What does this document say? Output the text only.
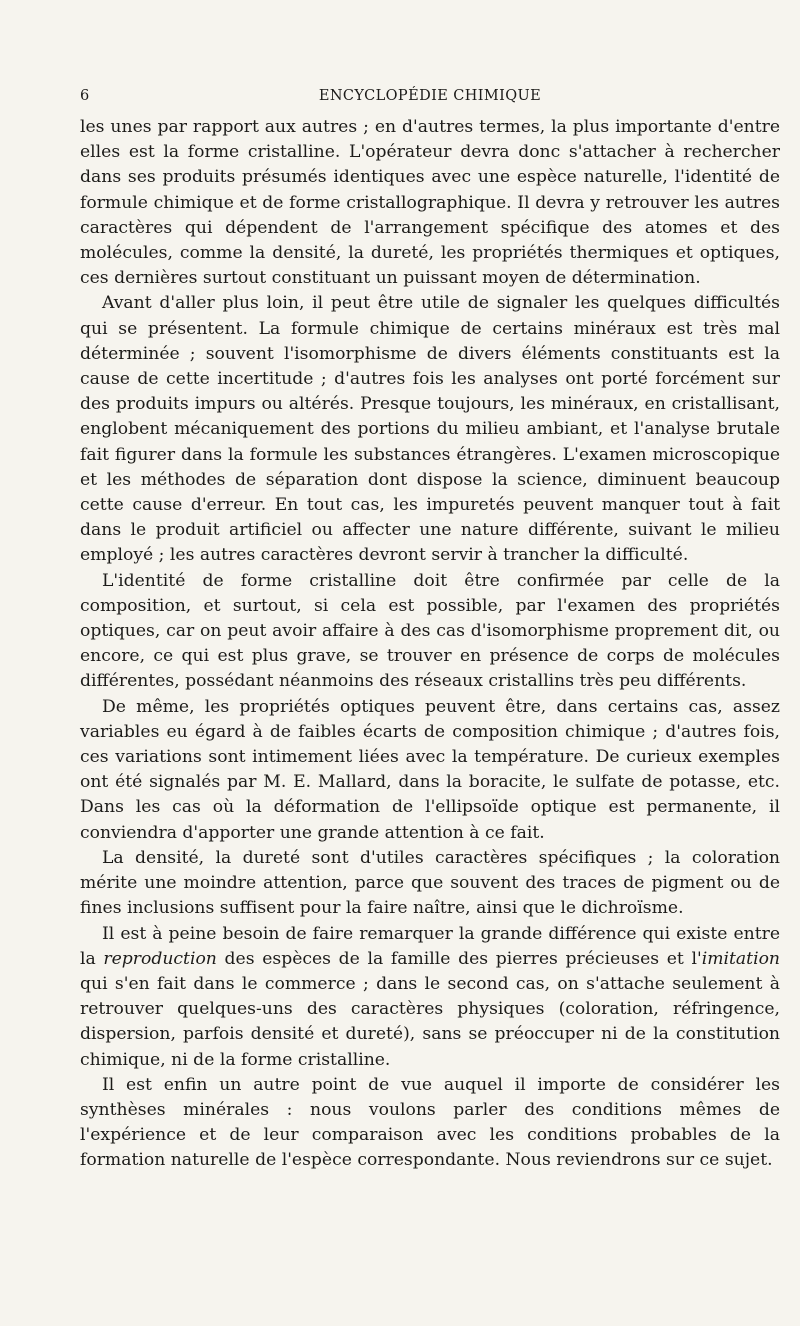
6	ENCYCLOPÉDIE CHIMIQUE

les unes par rapport aux autres ; en d'autres termes, la plus importante d'entre elles est la forme cristalline. L'opérateur devra donc s'attacher à rechercher dans ses produits présumés identiques avec une espèce naturelle, l'identité de formule chimique et de forme cristallographique. Il devra y retrouver les autres caractères qui dépendent de l'arrangement spécifique des atomes et des molécules, comme la densité, la dureté, les propriétés thermiques et optiques, ces dernières surtout constituant un puissant moyen de détermination.

Avant d'aller plus loin, il peut être utile de signaler les quelques difficultés qui se présentent. La formule chimique de certains minéraux est très mal déterminée ; souvent l'isomorphisme de divers éléments constituants est la cause de cette incertitude ; d'autres fois les analyses ont porté forcément sur des produits impurs ou altérés. Presque toujours, les minéraux, en cristallisant, englobent mécaniquement des portions du milieu ambiant, et l'analyse brutale fait figurer dans la formule les substances étrangères. L'examen microscopique et les méthodes de séparation dont dispose la science, diminuent beaucoup cette cause d'erreur. En tout cas, les impuretés peuvent manquer tout à fait dans le produit artificiel ou affecter une nature différente, suivant le milieu employé ; les autres caractères devront servir à trancher la difficulté.

L'identité de forme cristalline doit être confirmée par celle de la composition, et surtout, si cela est possible, par l'examen des propriétés optiques, car on peut avoir affaire à des cas d'isomorphisme proprement dit, ou encore, ce qui est plus grave, se trouver en présence de corps de molécules différentes, possédant néanmoins des réseaux cristallins très peu différents.

De même, les propriétés optiques peuvent être, dans certains cas, assez variables eu égard à de faibles écarts de composition chimique ; d'autres fois, ces variations sont intimement liées avec la température. De curieux exemples ont été signalés par M. E. Mallard, dans la boracite, le sulfate de potasse, etc. Dans les cas où la déformation de l'ellipsoïde optique est permanente, il conviendra d'apporter une grande attention à ce fait.

La densité, la dureté sont d'utiles caractères spécifiques ; la coloration mérite une moindre attention, parce que souvent des traces de pigment ou de fines inclusions suffisent pour la faire naître, ainsi que le dichroïsme.

Il est à peine besoin de faire remarquer la grande différence qui existe entre la reproduction des espèces de la famille des pierres précieuses et l'imitation qui s'en fait dans le commerce ; dans le second cas, on s'attache seulement à retrouver quelques-uns des caractères physiques (coloration, réfringence, dispersion, parfois densité et dureté), sans se préoccuper ni de la constitution chimique, ni de la forme cristalline.

Il est enfin un autre point de vue auquel il importe de considérer les synthèses minérales : nous voulons parler des conditions mêmes de l'expérience et de leur comparaison avec les conditions probables de la formation naturelle de l'espèce correspondante. Nous reviendrons sur ce sujet.
